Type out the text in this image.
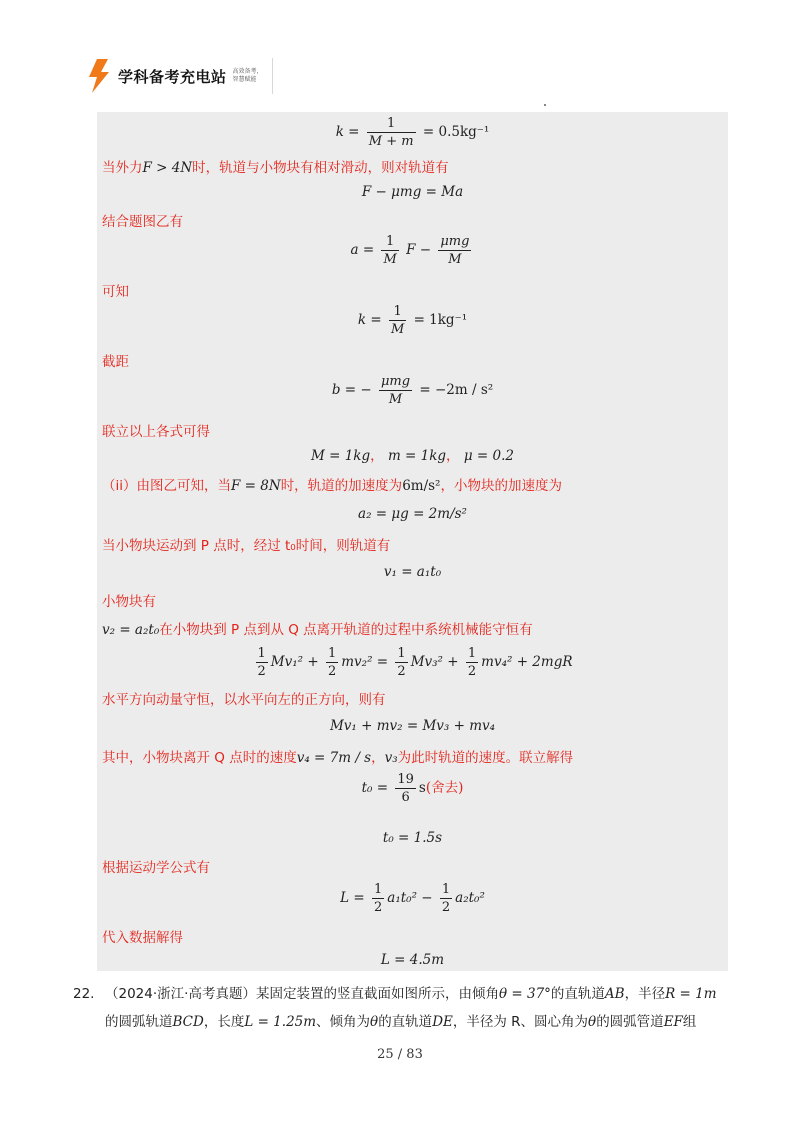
学科备考充电站 高效备考，智慧赋能
$k = \frac{1}{M + m} = 0.5kg^{-1}$
当外力F > 4N时，轨道与小物块有相对滑动，则对轨道有
F − μmg = Ma
结合题图乙有
$a = \frac{1}{M}$ $F - \frac{\text{μmg}}{M}$
可知
$k = \frac{1}{M} = 1kg^{-1}$
截距
b = − $\frac{\text{μmg}}{M} = -2m / s^2$
联立以上各式可得
M = 1kg， m = 1kg， μ = 0.2
（ii）由图乙可知，当F = 8N时，轨道的加速度为6m/s²，小物块的加速度为
a₂ = μg = 2m/s²
当小物块运动到 P 点时，经过 t₀时间，则轨道有
v₁ = a₁t₀
小物块有
v₂ = a₂t₀在小物块到 P 点到从 Q 点离开轨道的过程中系统机械能守恒有
$\frac{1}{2} Mv_1^2 + \frac{1}{2} mv_2^2 = \frac{1}{2} Mv_3^2 + \frac{1}{2} mv_4^2 + 2mgR$
水平方向动量守恒，以水平向左的正方向，则有
Mv₁ + mv₂ = Mv₃ + mv₄
其中，小物块离开 Q 点时的速度v₄ = 7m / s，v₃为此时轨道的速度。联立解得
$t_0 = \frac{19}{6} s$(舍去)
t₀ = 1.5s
根据运动学公式有
$L = \frac{1}{2} a_1t_0^2 - \frac{1}{2} a_2t_0^2$
代入数据解得
L = 4.5m
22. （2024·浙江·高考真题）某固定装置的竖直截面如图所示，由倾角θ = 37°的直轨道AB，半径R = 1m
的圆弧轨道BCD，长度L = 1.25m、倾角为θ的直轨道DE，半径为 R、圆心角为θ的圆弧管道EF组
25 / 83
